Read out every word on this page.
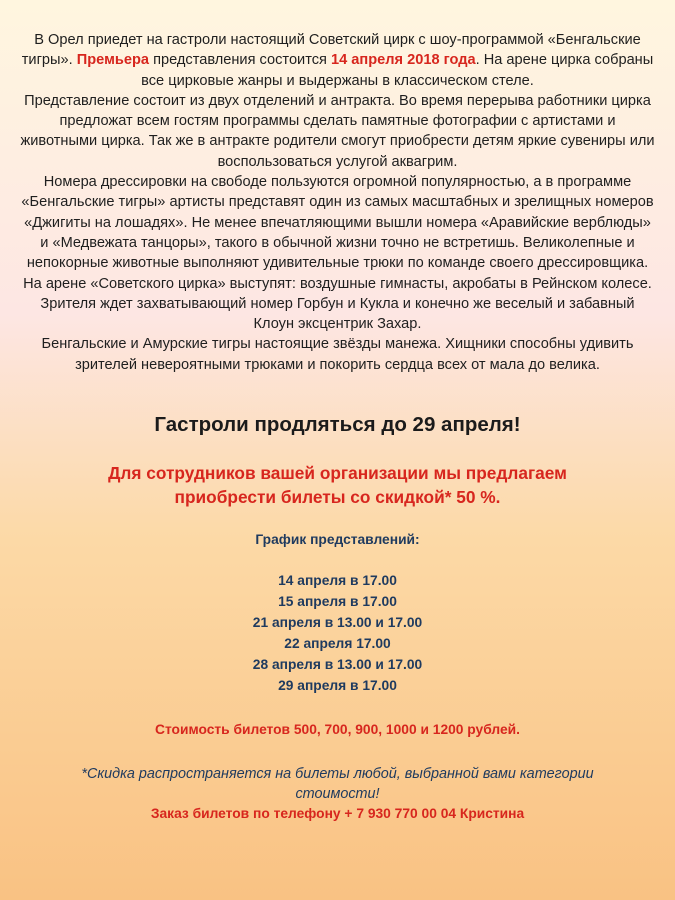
В Орел приедет на гастроли настоящий Советский цирк с шоу-программой «Бенгальские тигры». Премьера представления состоится 14 апреля 2018 года. На арене цирка собраны все цирковые жанры и выдержаны в классическом стеле.
Представление состоит из двух отделений и антракта. Во время перерыва работники цирка предложат всем гостям программы сделать памятные фотографии с артистами и животными цирка. Так же в антракте родители смогут приобрести детям яркие сувениры или воспользоваться услугой аквагрим.
Номера дрессировки на свободе пользуются огромной популярностью, а в программе «Бенгальские тигры» артисты представят один из самых масштабных и зрелищных номеров «Джигиты на лошадях». Не менее впечатляющими вышли номера «Аравийские верблюды» и «Медвежата танцоры», такого в обычной жизни точно не встретишь. Великолепные и непокорные животные выполняют удивительные трюки по команде своего дрессировщика.
На арене «Советского цирка» выступят: воздушные гимнасты, акробаты в Рейнском колесе. Зрителя ждет захватывающий номер Горбун и Кукла и конечно же веселый и забавный Клоун эксцентрик Захар.
Бенгальские и Амурские тигры настоящие звёзды манежа. Хищники способны удивить зрителей невероятными трюками и покорить сердца всех от мала до велика.
Гастроли продляться до 29 апреля!
Для сотрудников вашей организации мы предлагаем
приобрести билеты со скидкой* 50 %.
График представлений:
14 апреля в 17.00
15 апреля в 17.00
21 апреля в 13.00 и 17.00
22 апреля 17.00
28 апреля в 13.00 и 17.00
29 апреля в 17.00
Стоимость билетов 500, 700, 900, 1000 и 1200 рублей.
*Скидка распространяется на билеты любой, выбранной вами категории
стоимости!
Заказ билетов по телефону + 7 930 770 00 04 Кристина
